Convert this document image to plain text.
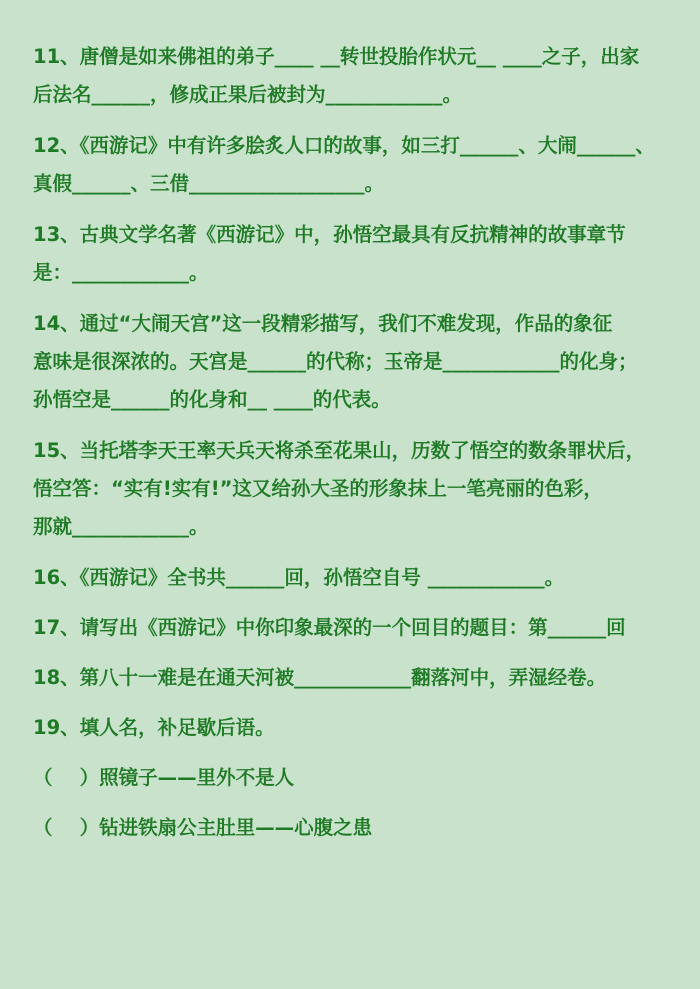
11、唐僧是如来佛祖的弟子____ __转世投胎作状元__ ____之子，出家
后法名______，修成正果后被封为____________。
12、《西游记》中有许多脍炙人口的故事，如三打______、大闹______、
真假______、三借__________________。
13、古典文学名著《西游记》中，孙悟空最具有反抗精神的故事章节
是：____________。
14、通过“大闹天宫”这一段精彩描写，我们不难发现，作品的象征
意味是很深浓的。天宫是______的代称；玉帝是____________的化身；
孙悟空是______的化身和__ ____的代表。
15、当托塔李天王率天兵天将杀至花果山，历数了悟空的数条罪状后，
悟空答：“实有!实有!”这又给孙大圣的形象抹上一笔亮丽的色彩，
那就____________。
16、《西游记》全书共______回，孙悟空自号 ____________。
17、请写出《西游记》中你印象最深的一个回目的题目：第______回
18、第八十一难是在通天河被____________翻落河中，弄湿经卷。
19、填人名，补足歇后语。
（    ）照镜子——里外不是人
（    ）钻进铁扇公主肚里——心腹之患
